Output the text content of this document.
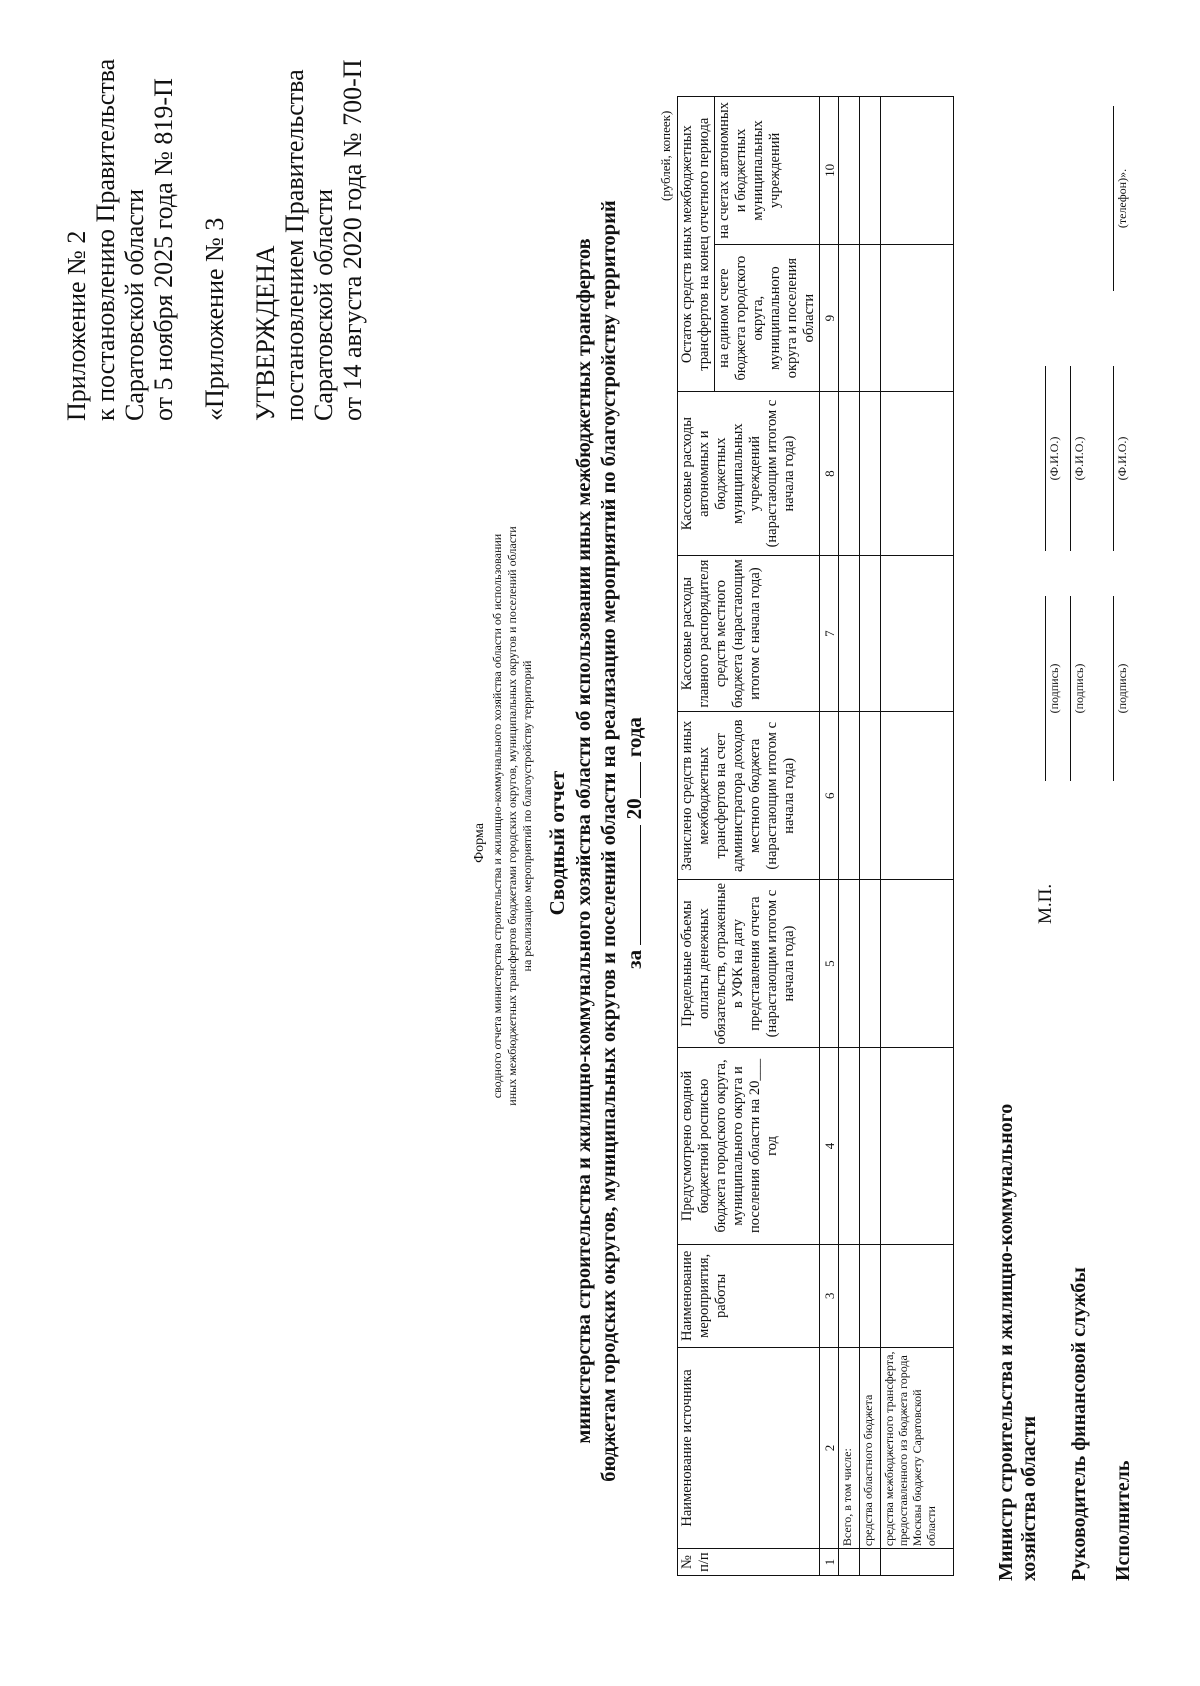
Приложение № 2 к постановлению Правительства Саратовской области от 5 ноября 2025 года № 819-П «Приложение № 3 УТВЕРЖДЕНА постановлением Правительства Саратовской области от 14 августа 2020 года № 700-П
Форма сводного отчета министерства строительства и жилищно-коммунального хозяйства области об использовании иных межбюджетных трансфертов бюджетами городских округов, муниципальных округов и поселений области на реализацию мероприятий по благоустройству территорий Сводный отчет министерства строительства и жилищно-коммунального хозяйства области об использовании иных межбюджетных трансфертов бюджетам городских округов, муниципальных округов и поселений области на реализацию мероприятий по благоустройству территорий за  20 года
(рублей, копеек)
№ п/п	Наименование источника	Наименование мероприятия, работы	Предусмотрено сводной бюджетной росписью бюджета городского округа, муниципального округа и поселения области на 20___ год	Предельные объемы оплаты денежных обязательств, отраженные в УФК на дату представления отчета (нарастающим итогом с начала года)	Зачислено средств иных межбюджетных трансфертов на счет администратора доходов местного бюджета (нарастающим итогом с начала года)	Кассовые расходы главного распорядителя средств местного бюджета (нарастающим итогом с начала года)	Кассовые расходы автономных и бюджетных муниципальных учреждений (нарастающим итогом с начала года)	Остаток средств иных межбюджетных трансфертов на конец отчетного периода	
								на едином счете бюджета городского округа, муниципального округа и поселения области	на счетах автономных и бюджетных муниципальных учреждений
1	2	3	4	5	6	7	8	9	10
	Всего, в том числе:								
	средства областного бюджета								
	средства межбюджетного трансферта, предоставленного из бюджета города Москвы бюджету Саратовской области									Министр строительства и жилищно-коммунального хозяйства области
М.П.
(подпись)
(Ф.И.О.)
Руководитель финансовой службы
(подпись)
(Ф.И.О.)
Исполнитель
(подпись)
(Ф.И.О.)
(телефон)».
